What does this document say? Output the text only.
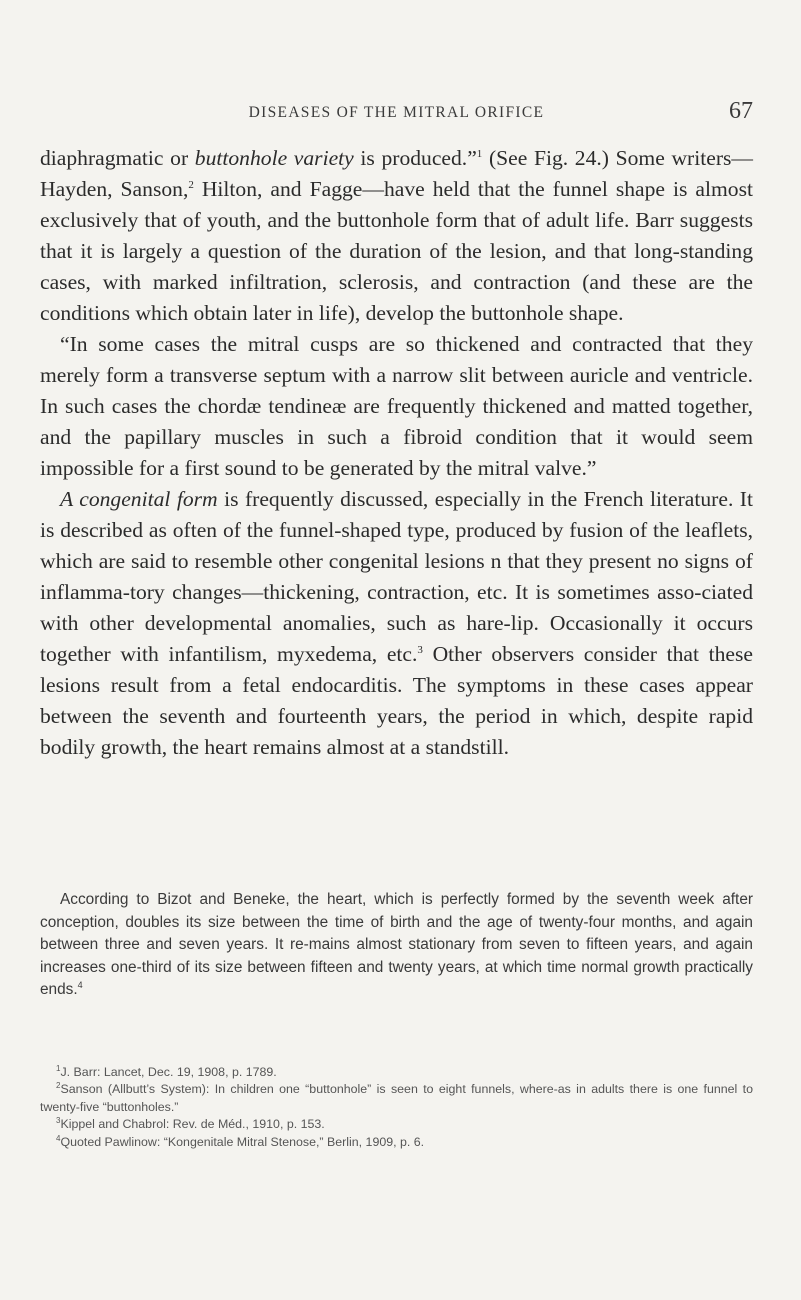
DISEASES OF THE MITRAL ORIFICE	67

diaphragmatic or buttonhole variety is produced.”$^1$ (See Fig. 24.) Some writers—Hayden, Sanson,$^2$ Hilton, and Fagge—have held that the funnel shape is almost exclusively that of youth, and the buttonhole form that of adult life. Barr suggests that it is largely a question of the duration of the lesion, and that long-standing cases, with marked infiltration, sclerosis, and contraction (and these are the conditions which obtain later in life), develop the buttonhole shape.

“In some cases the mitral cusps are so thickened and contracted that they merely form a transverse septum with a narrow slit between auricle and ventricle. In such cases the chordæ tendineæ are frequently thickened and matted together, and the papillary muscles in such a fibroid condition that it would seem impossible for a first sound to be generated by the mitral valve.”

A congenital form is frequently discussed, especially in the French literature. It is described as often of the funnel-shaped type, produced by fusion of the leaflets, which are said to resemble other congenital lesions n that they present no signs of inflamma-tory changes—thickening, contraction, etc. It is sometimes asso-ciated with other developmental anomalies, such as hare-lip. Occasionally it occurs together with infantilism, myxedema, etc.$^3$ Other observers consider that these lesions result from a fetal endocarditis. The symptoms in these cases appear between the seventh and fourteenth years, the period in which, despite rapid bodily growth, the heart remains almost at a standstill.

According to Bizot and Beneke, the heart, which is perfectly formed by the seventh week after conception, doubles its size between the time of birth and the age of twenty-four months, and again between three and seven years. It re-mains almost stationary from seven to fifteen years, and again increases one-third of its size between fifteen and twenty years, at which time normal growth practically ends.$^4$

$^1$J. Barr: Lancet, Dec. 19, 1908, p. 1789.

$^2$Sanson (Allbutt’s System): In children one “buttonhole” is seen to eight funnels, where-as in adults there is one funnel to twenty-five “buttonholes.”

$^3$Kippel and Chabrol: Rev. de Méd., 1910, p. 153.

$^4$Quoted Pawlinow: “Kongenitale Mitral Stenose,” Berlin, 1909, p. 6.
